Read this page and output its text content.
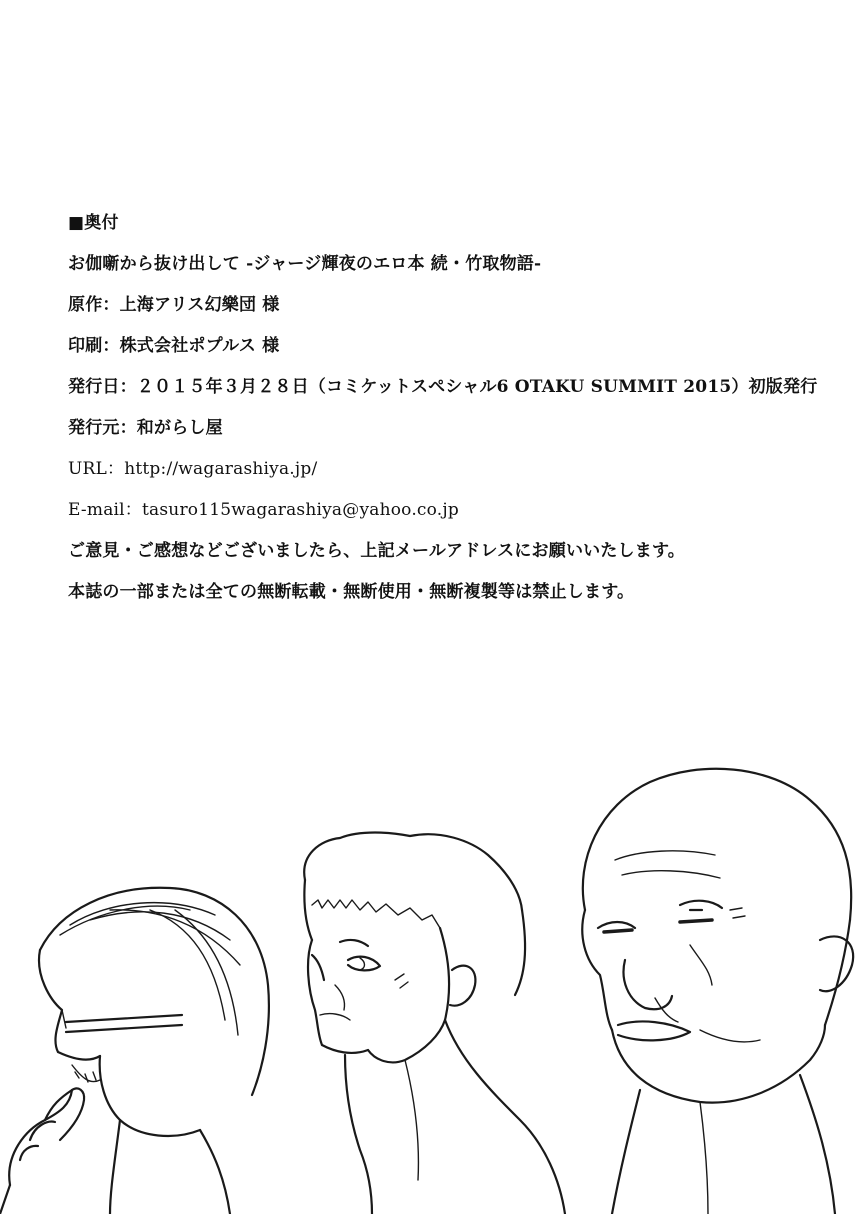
■奥付
お伽噺から抜け出して -ジャージ輝夜のエロ本 続・竹取物語-
原作：上海アリス幻樂団 様
印刷：株式会社ポプルス 様
発行日：２０１５年３月２８日（コミケットスペシャル6 OTAKU SUMMIT 2015）初版発行
発行元：和がらし屋
URL：http://wagarashiya.jp/
E-mail：tasuro115wagarashiya@yahoo.co.jp
ご意見・ご感想などございましたら、上記メールアドレスにお願いいたします。
本誌の一部または全ての無断転載・無断使用・無断複製等は禁止します。
